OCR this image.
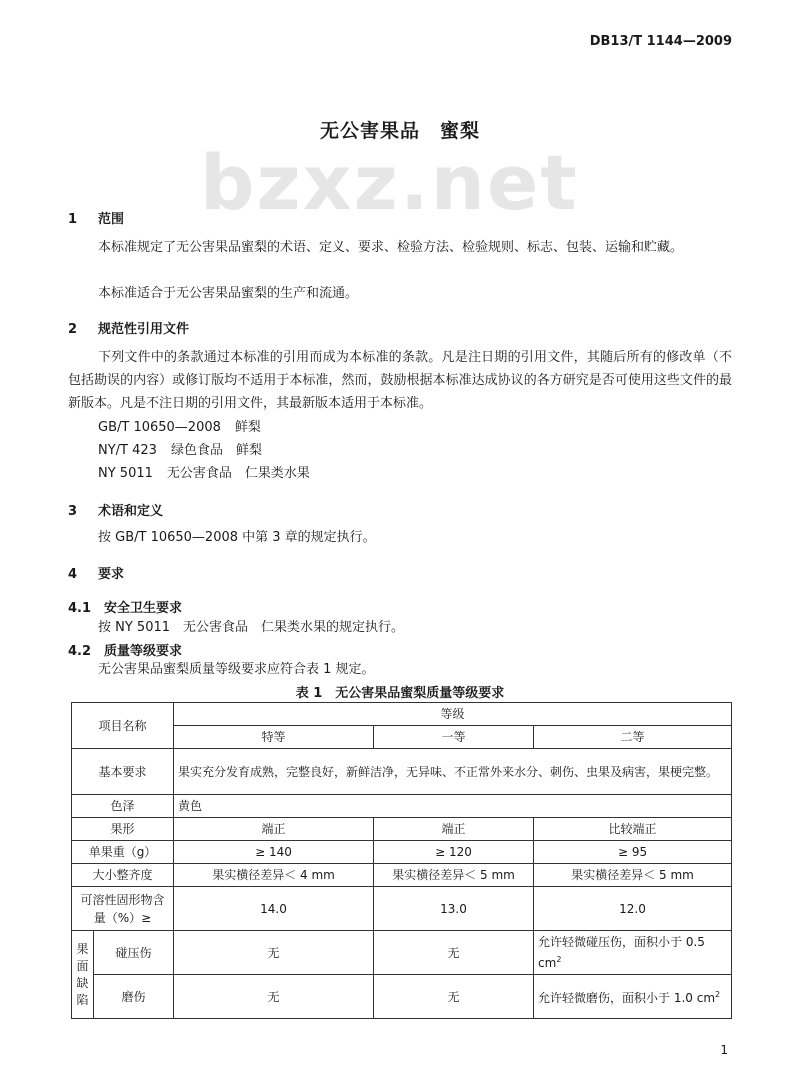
DB13/T 1144—2009
bzxz.net
无公害果品　蜜梨
1 范围
本标准规定了无公害果品蜜梨的术语、定义、要求、检验方法、检验规则、标志、包装、运输和贮藏。
本标准适合于无公害果品蜜梨的生产和流通。
2 规范性引用文件
下列文件中的条款通过本标准的引用而成为本标准的条款。凡是注日期的引用文件，其随后所有的修改单（不包括勘误的内容）或修订版均不适用于本标准，然而，鼓励根据本标准达成协议的各方研究是否可使用这些文件的最新版本。凡是不注日期的引用文件，其最新版本适用于本标准。
GB/T 10650—2008 鲜梨
NY/T 423 绿色食品　鲜梨
NY 5011 无公害食品　仁果类水果
3 术语和定义
按 GB/T 10650—2008 中第 3 章的规定执行。
4 要求
4.1 安全卫生要求
按 NY 5011　无公害食品　仁果类水果的规定执行。
4.2 质量等级要求
无公害果品蜜梨质量等级要求应符合表 1 规定。
表 1　无公害果品蜜梨质量等级要求
项目名称		等级		
		特等	一等	二等
基本要求		果实充分发育成熟，完整良好，新鲜洁净，无异味、不正常外来水分、刺伤、虫果及病害，果梗完整。		
色泽		黄色		
果形		端正	端正	比较端正
单果重（g）		≥ 140	≥ 120	≥ 95
大小整齐度		果实横径差异＜ 4 mm	果实横径差异＜ 5 mm	果实横径差异＜ 5 mm
可溶性固形物含量（%）≥		14.0	13.0	12.0
果面缺陷	碰压伤	无	无	允许轻微碰压伤，面积小于 0.5 $cm^2$
	磨伤	无	无	允许轻微磨伤，面积小于 1.0 $cm^2$
1
